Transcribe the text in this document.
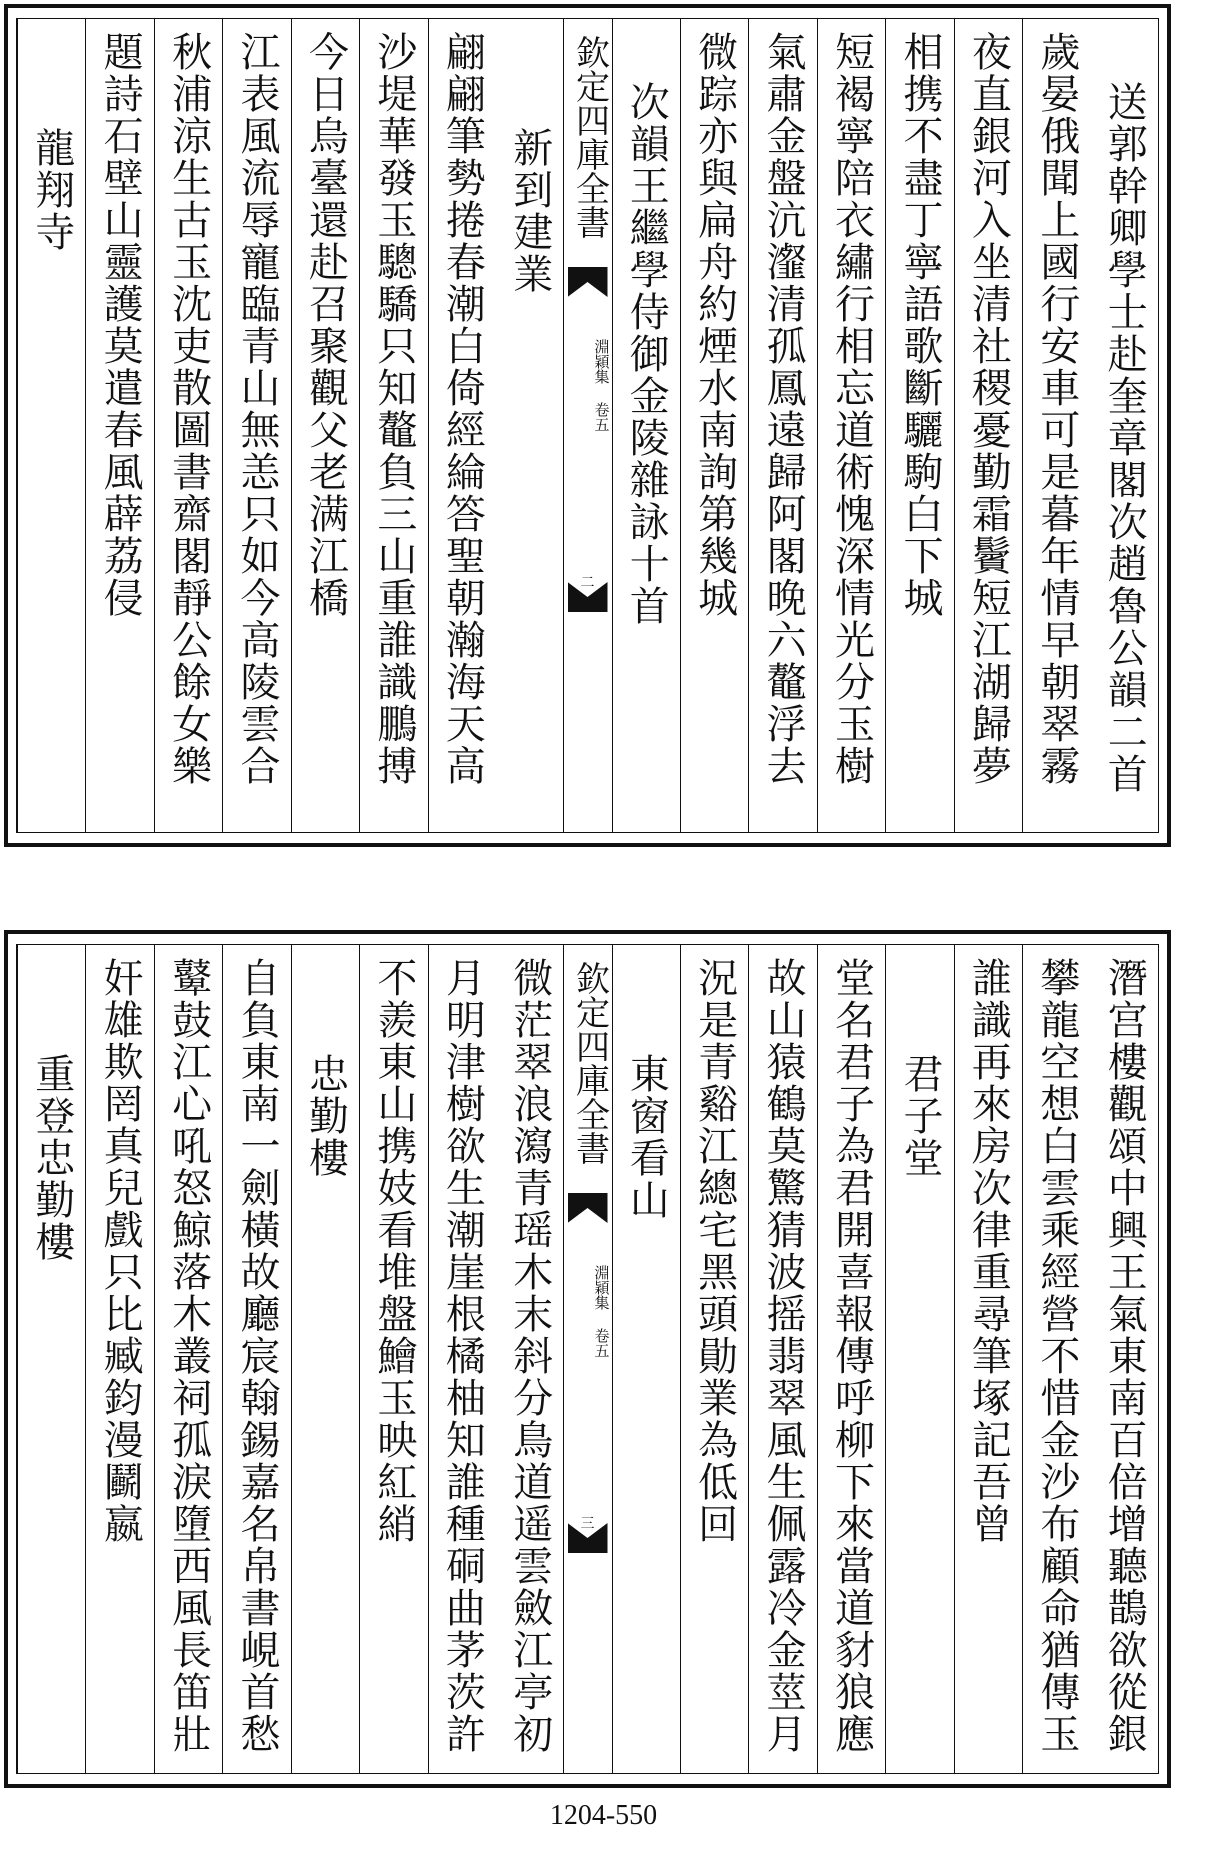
送郭幹卿學士赴奎章閣次趙魯公韻二首
歲晏俄聞上國行安車可是暮年情早朝翠霧
夜直銀河入坐清社稷憂勤霜鬢短江湖歸夢
相携不盡丁寧語歌斷驪駒白下城
短褐寧陪衣繡行相忘道術愧深情光分玉樹
氣肅金盤沆瀣清孤鳳遠歸阿閣晚六鼇浮去
微踪亦與扁舟約煙水南詢第幾城
次韻王繼學侍御金陵雜詠十首
新到建業
翩翩筆勢捲春潮白倚經綸答聖朝瀚海天高
沙堤華發玉驄驕只知鼇負三山重誰識鵬搏
今日烏臺還赴召聚觀父老满江橋
江表風流辱寵臨青山無恙只如今高陵雲合
秋浦涼生古玉沈吏散圖書齋閣靜公餘女樂
題詩石壁山靈護莫遣春風薜荔侵
龍翔寺	欽定四庫全書
淵穎集 卷五
二
潛宫樓觀頌中興王氣東南百倍增聽鵲欲從銀
攀龍空想白雲乘經營不惜金沙布顧命猶傳玉
誰識再來房次律重尋筆塚記吾曾
君子堂
堂名君子為君開喜報傳呼柳下來當道豺狼應
故山猿鶴莫驚猜波摇翡翠風生佩露冷金莖月
況是青谿江總宅黑頭勛業為低回
東窗看山
微茫翠浪瀉青瑶木末斜分鳥道遥雲斂江亭初
月明津樹欲生潮崖根橘柚知誰種硐曲茅茨許
不羨東山携妓看堆盤鱠玉映紅綃
忠勤樓
自負東南一劍橫故廳宸翰錫嘉名帛書峴首愁
鼙鼓江心吼怒鯨落木叢祠孤淚墮西風長笛壯
奸雄欺罔真兒戲只比臧鈞漫鬬嬴
重登忠勤樓	欽定四庫全書
淵穎集 卷五
三
1204-550
